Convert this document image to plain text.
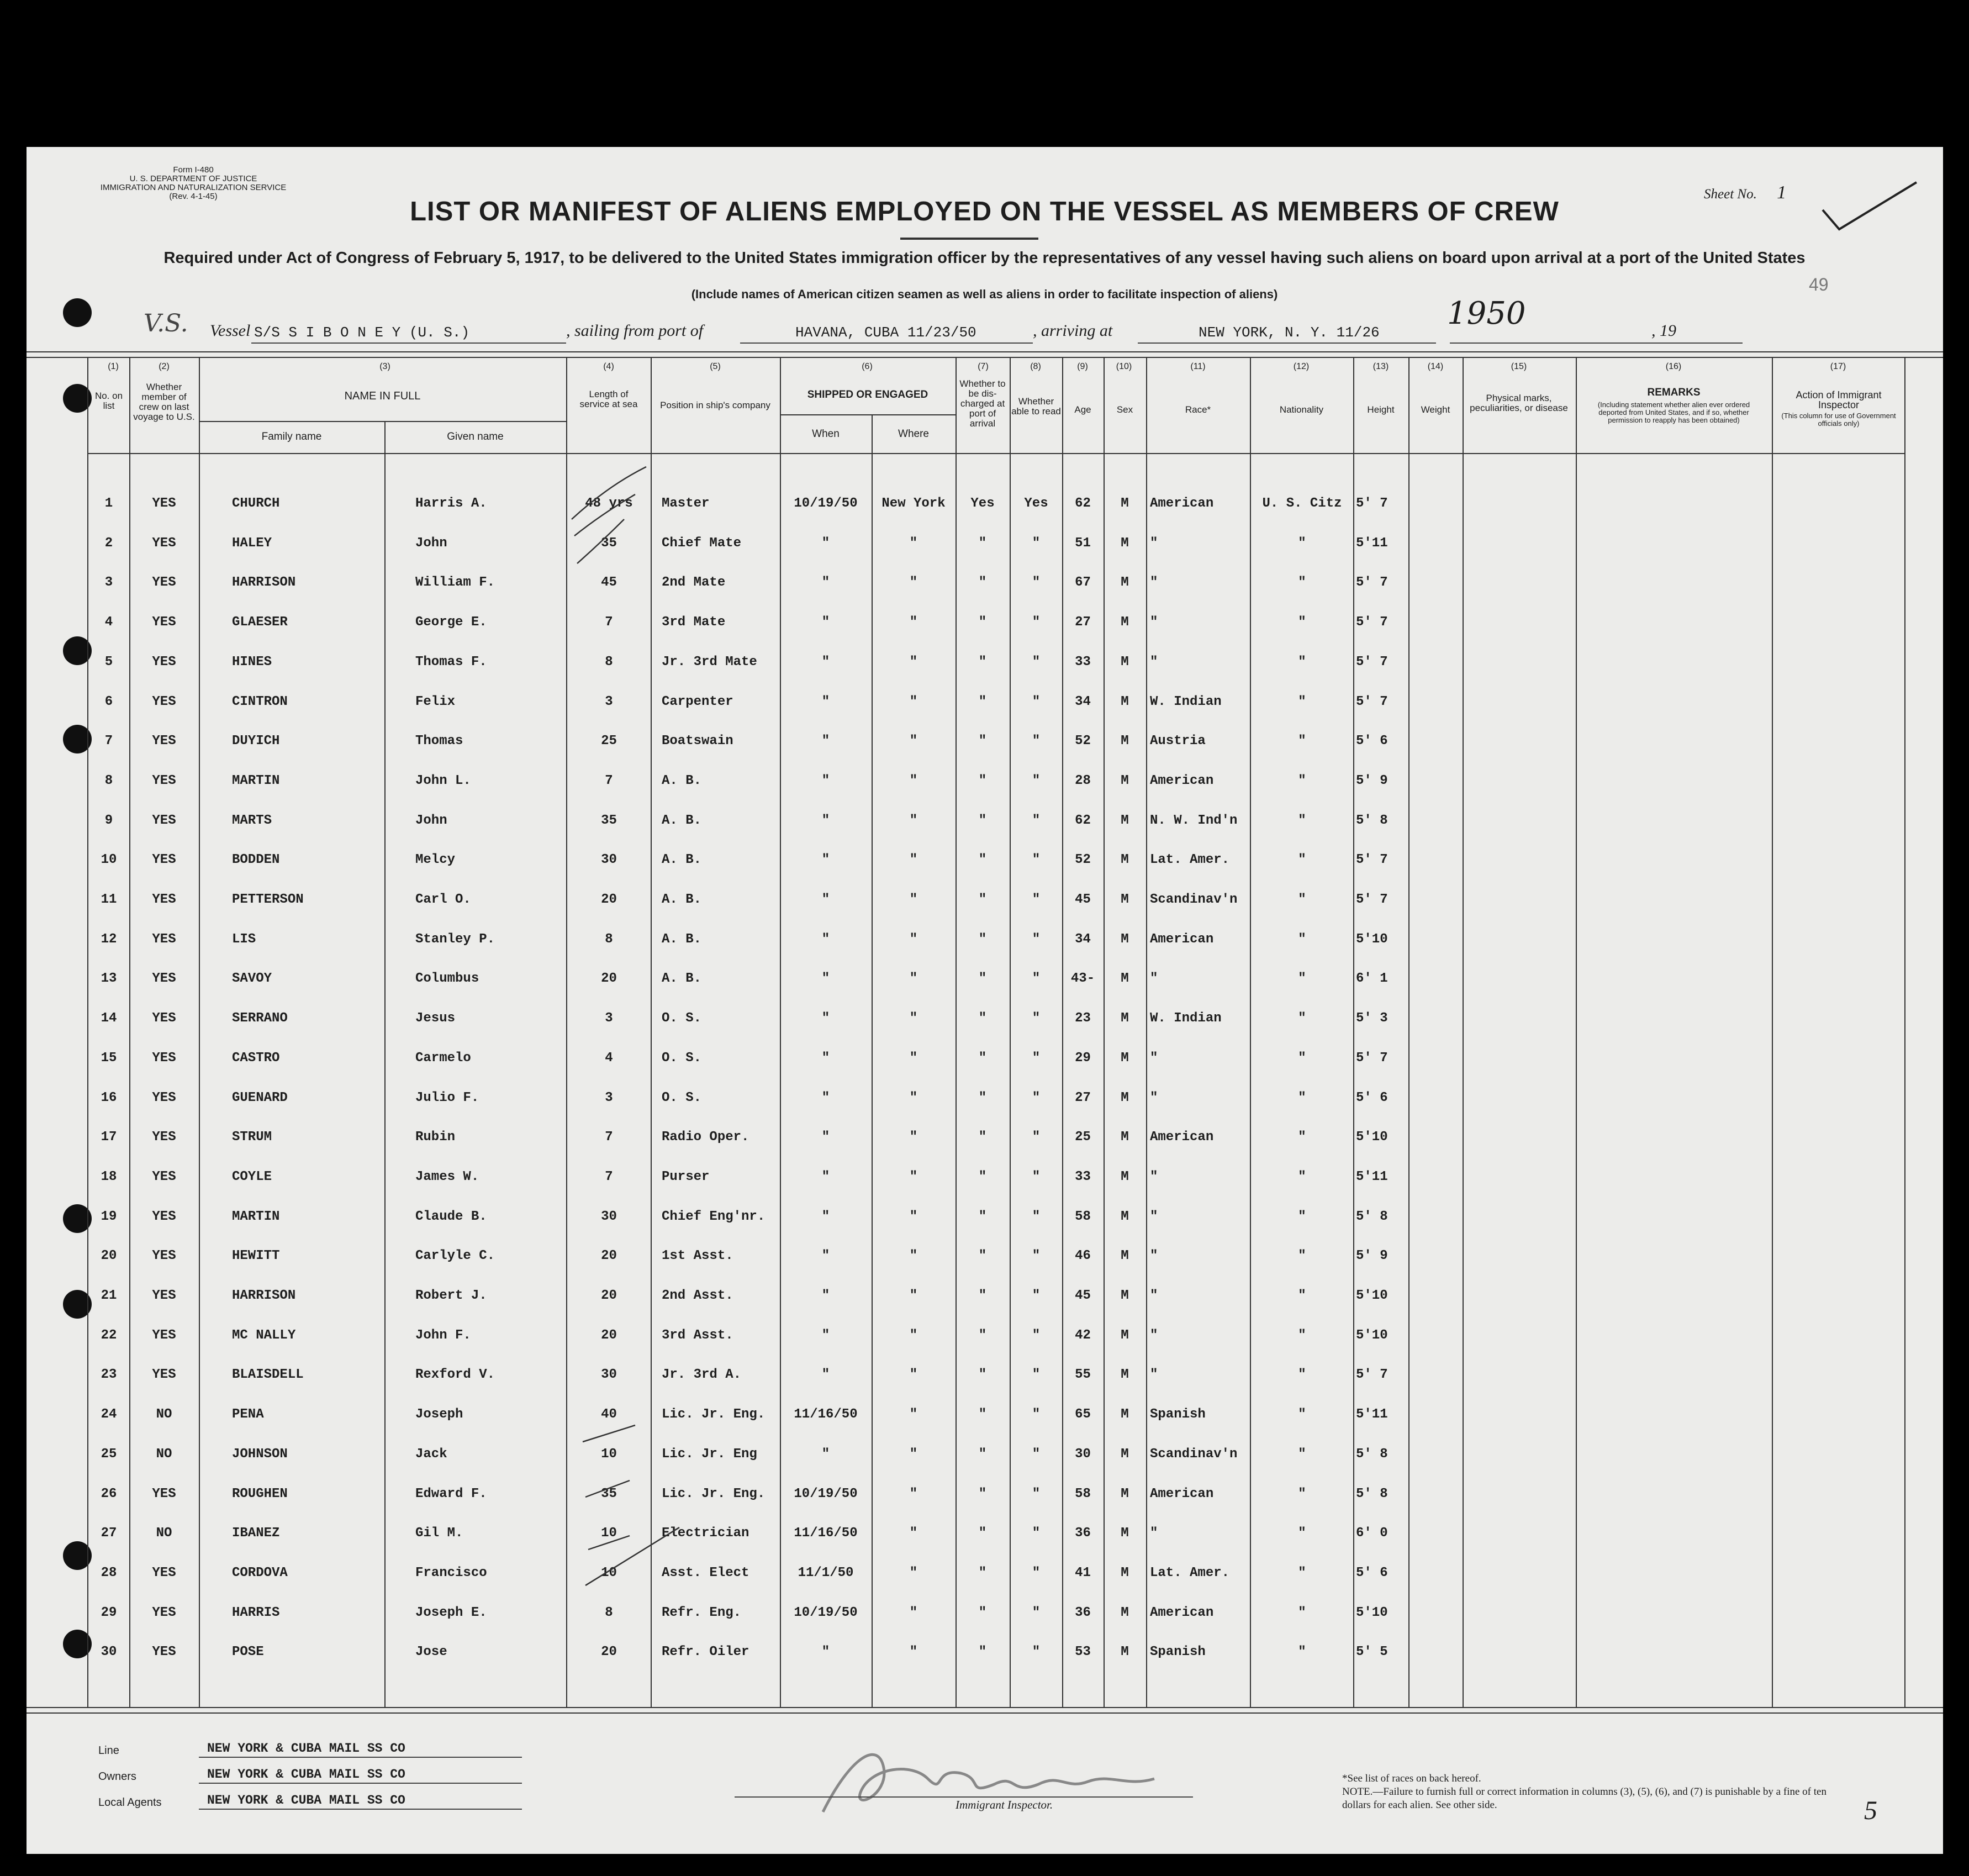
Form I-480
U. S. DEPARTMENT OF JUSTICE
IMMIGRATION AND NATURALIZATION SERVICE
(Rev. 4-1-45)	Sheet No. 1
LIST OR MANIFEST OF ALIENS EMPLOYED ON THE VESSEL AS MEMBERS OF CREW
Required under Act of Congress of February 5, 1917, to be delivered to the United States immigration officer by the representatives of any vessel having such aliens on board upon arrival at a port of the United States
(Include names of American citizen seamen as well as aliens in order to facilitate inspection of aliens)	49
V.S. Vessel S/S S I B O N E Y (U. S.)	, sailing from port of	HAVANA, CUBA 11/23/50	, arriving at	NEW YORK, N. Y. 11/26
1950	, 19
(1)	(2)	(3)	(4)	(5)	(6)	(7)	(8)	(9)	(10)	(11)	(12)	(13)	(14)	(15)	(16)	(17)
No. on list
Whether member of crew on last voyage to U.S.
NAME IN FULL
Family name	Given name
Length of service at sea	Position in ship's company
SHIPPED OR ENGAGED
When	Where
Whether to be dis-charged at port of arrival
Whether able to read	Age	Sex	Race*	Nationality	Height	Weight
Physical marks, peculiarities, or disease
REMARKS
(Including statement whether alien ever ordered deported from United States, and if so, whether permission to reapply has been obtained)
Action of Immigrant Inspector
(This column for use of Government officials only)
1	YES	CHURCH	Harris A.	48 yrs	Master	10/19/50	New York	Yes	Yes	62	M	American	U. S. Citz	5' 7
2	YES	HALEY	John	35	Chief Mate	"	"	"	"	51	M	"	"	5'11
3	YES	HARRISON	William F.	45	2nd Mate	"	"	"	"	67	M	"	"	5' 7
4	YES	GLAESER	George E.	7	3rd Mate	"	"	"	"	27	M	"	"	5' 7
5	YES	HINES	Thomas F.	8	Jr. 3rd Mate	"	"	"	"	33	M	"	"	5' 7
6	YES	CINTRON	Felix	3	Carpenter	"	"	"	"	34	M	W. Indian	"	5' 7
7	YES	DUYICH	Thomas	25	Boatswain	"	"	"	"	52	M	Austria	"	5' 6
8	YES	MARTIN	John L.	7	A. B.	"	"	"	"	28	M	American	"	5' 9
9	YES	MARTS	John	35	A. B.	"	"	"	"	62	M	N. W. Ind'n	"	5' 8
10	YES	BODDEN	Melcy	30	A. B.	"	"	"	"	52	M	Lat. Amer.	"	5' 7
11	YES	PETTERSON	Carl O.	20	A. B.	"	"	"	"	45	M	Scandinav'n	"	5' 7
12	YES	LIS	Stanley P.	8	A. B.	"	"	"	"	34	M	American	"	5'10
13	YES	SAVOY	Columbus	20	A. B.	"	"	"	"	43-	M	"	"	6' 1
14	YES	SERRANO	Jesus	3	O. S.	"	"	"	"	23	M	W. Indian	"	5' 3
15	YES	CASTRO	Carmelo	4	O. S.	"	"	"	"	29	M	"	"	5' 7
16	YES	GUENARD	Julio F.	3	O. S.	"	"	"	"	27	M	"	"	5' 6
17	YES	STRUM	Rubin	7	Radio Oper.	"	"	"	"	25	M	American	"	5'10
18	YES	COYLE	James W.	7	Purser	"	"	"	"	33	M	"	"	5'11
19	YES	MARTIN	Claude B.	30	Chief Eng'nr.	"	"	"	"	58	M	"	"	5' 8
20	YES	HEWITT	Carlyle C.	20	1st Asst.	"	"	"	"	46	M	"	"	5' 9
21	YES	HARRISON	Robert J.	20	2nd Asst.	"	"	"	"	45	M	"	"	5'10
22	YES	MC NALLY	John F.	20	3rd Asst.	"	"	"	"	42	M	"	"	5'10
23	YES	BLAISDELL	Rexford V.	30	Jr. 3rd A.	"	"	"	"	55	M	"	"	5' 7
24	NO	PENA	Joseph	40	Lic. Jr. Eng.	11/16/50	"	"	"	65	M	Spanish	"	5'11
25	NO	JOHNSON	Jack	10	Lic. Jr. Eng	"	"	"	"	30	M	Scandinav'n	"	5' 8
26	YES	ROUGHEN	Edward F.	35	Lic. Jr. Eng.	10/19/50	"	"	"	58	M	American	"	5' 8
27	NO	IBANEZ	Gil M.	10	Electrician	11/16/50	"	"	"	36	M	"	"	6' 0
28	YES	CORDOVA	Francisco	10	Asst. Elect	11/1/50	"	"	"	41	M	Lat. Amer.	"	5' 6
29	YES	HARRIS	Joseph E.	8	Refr. Eng.	10/19/50	"	"	"	36	M	American	"	5'10
30	YES	POSE	Jose	20	Refr. Oiler	"	"	"	"	53	M	Spanish	"	5' 5
Line	NEW YORK & CUBA MAIL SS CO
Owners	NEW YORK & CUBA MAIL SS CO
Local Agents	NEW YORK & CUBA MAIL SS CO	Immigrant Inspector.
*See list of races on back hereof.
NOTE.—Failure to furnish full or correct information in columns (3), (5), (6), and (7) is punishable by a fine of ten dollars for each alien. See other side.	5
